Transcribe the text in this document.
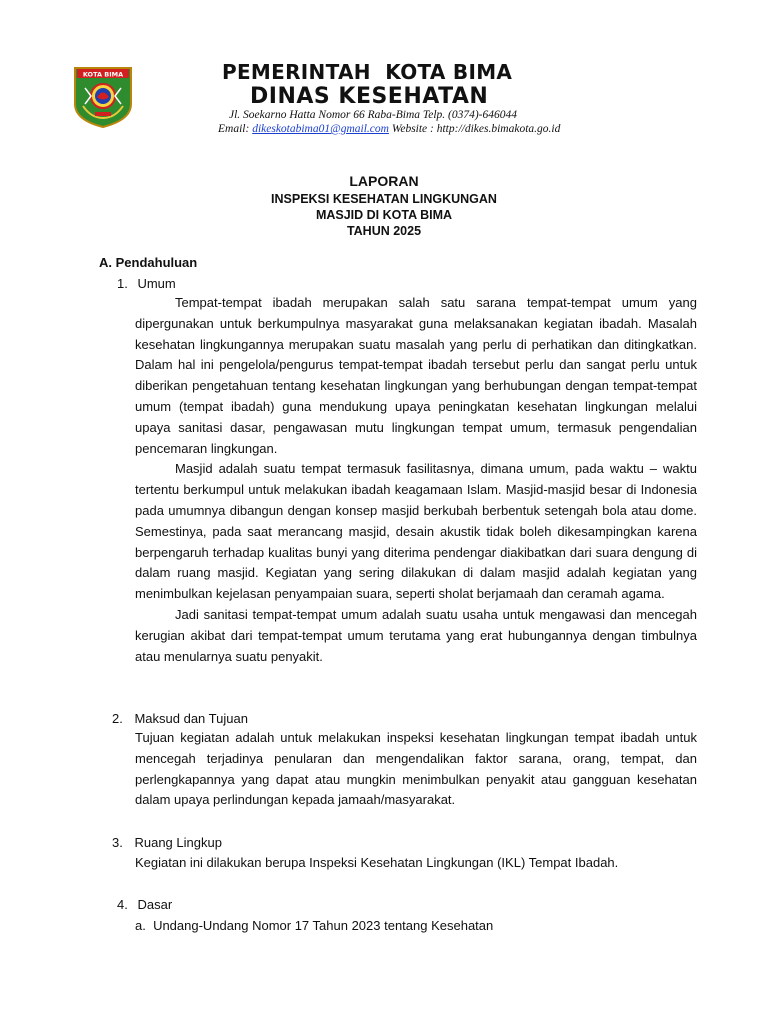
KOTA BIMA	PEMERINTAH  KOTA BIMA
DINAS KESEHATAN
Jl. Soekarno Hatta Nomor 66 Raba-Bima Telp. (0374)-646044
Email: dikeskotabima01@gmail.com Website : http://dikes.bimakota.go.id
LAPORAN
INSPEKSI KESEHATAN LINGKUNGAN
MASJID DI KOTA BIMA
TAHUN 2025
A. Pendahuluan
1. Umum

Tempat-tempat ibadah merupakan salah satu sarana tempat-tempat umum yang dipergunakan untuk berkumpulnya masyarakat guna melaksanakan kegiatan ibadah. Masalah kesehatan lingkungannya merupakan suatu masalah yang perlu di perhatikan dan ditingkatkan. Dalam hal ini pengelola/pengurus tempat-tempat ibadah tersebut perlu dan sangat perlu untuk diberikan pengetahuan tentang kesehatan lingkungan yang berhubungan dengan tempat-tempat umum (tempat ibadah) guna mendukung upaya peningkatan kesehatan lingkungan melalui upaya sanitasi dasar, pengawasan mutu lingkungan tempat umum, termasuk pengendalian pencemaran lingkungan.

Masjid adalah suatu tempat termasuk fasilitasnya, dimana umum, pada waktu – waktu tertentu berkumpul untuk melakukan ibadah keagamaan Islam. Masjid-masjid besar di Indonesia pada umumnya dibangun dengan konsep masjid berkubah berbentuk setengah bola atau dome. Semestinya, pada saat merancang masjid, desain akustik tidak boleh dikesampingkan karena berpengaruh terhadap kualitas bunyi yang diterima pendengar diakibatkan dari suara dengung di dalam ruang masjid. Kegiatan yang sering dilakukan di dalam masjid adalah kegiatan yang menimbulkan kejelasan penyampaian suara, seperti sholat berjamaah dan ceramah agama.

Jadi sanitasi tempat-tempat umum adalah suatu usaha untuk mengawasi dan mencegah kerugian akibat dari tempat-tempat umum terutama yang erat hubungannya dengan timbulnya atau menularnya suatu penyakit.

2. Maksud dan Tujuan

Tujuan kegiatan adalah untuk melakukan inspeksi kesehatan lingkungan tempat ibadah untuk mencegah terjadinya penularan dan mengendalikan faktor sarana, orang, tempat, dan perlengkapannya yang dapat atau mungkin menimbulkan penyakit atau gangguan kesehatan dalam upaya perlindungan kepada jamaah/masyarakat.

3. Ruang Lingkup

Kegiatan ini dilakukan berupa Inspeksi Kesehatan Lingkungan (IKL) Tempat Ibadah.

4. Dasar
a.  Undang-Undang Nomor 17 Tahun 2023 tentang Kesehatan
